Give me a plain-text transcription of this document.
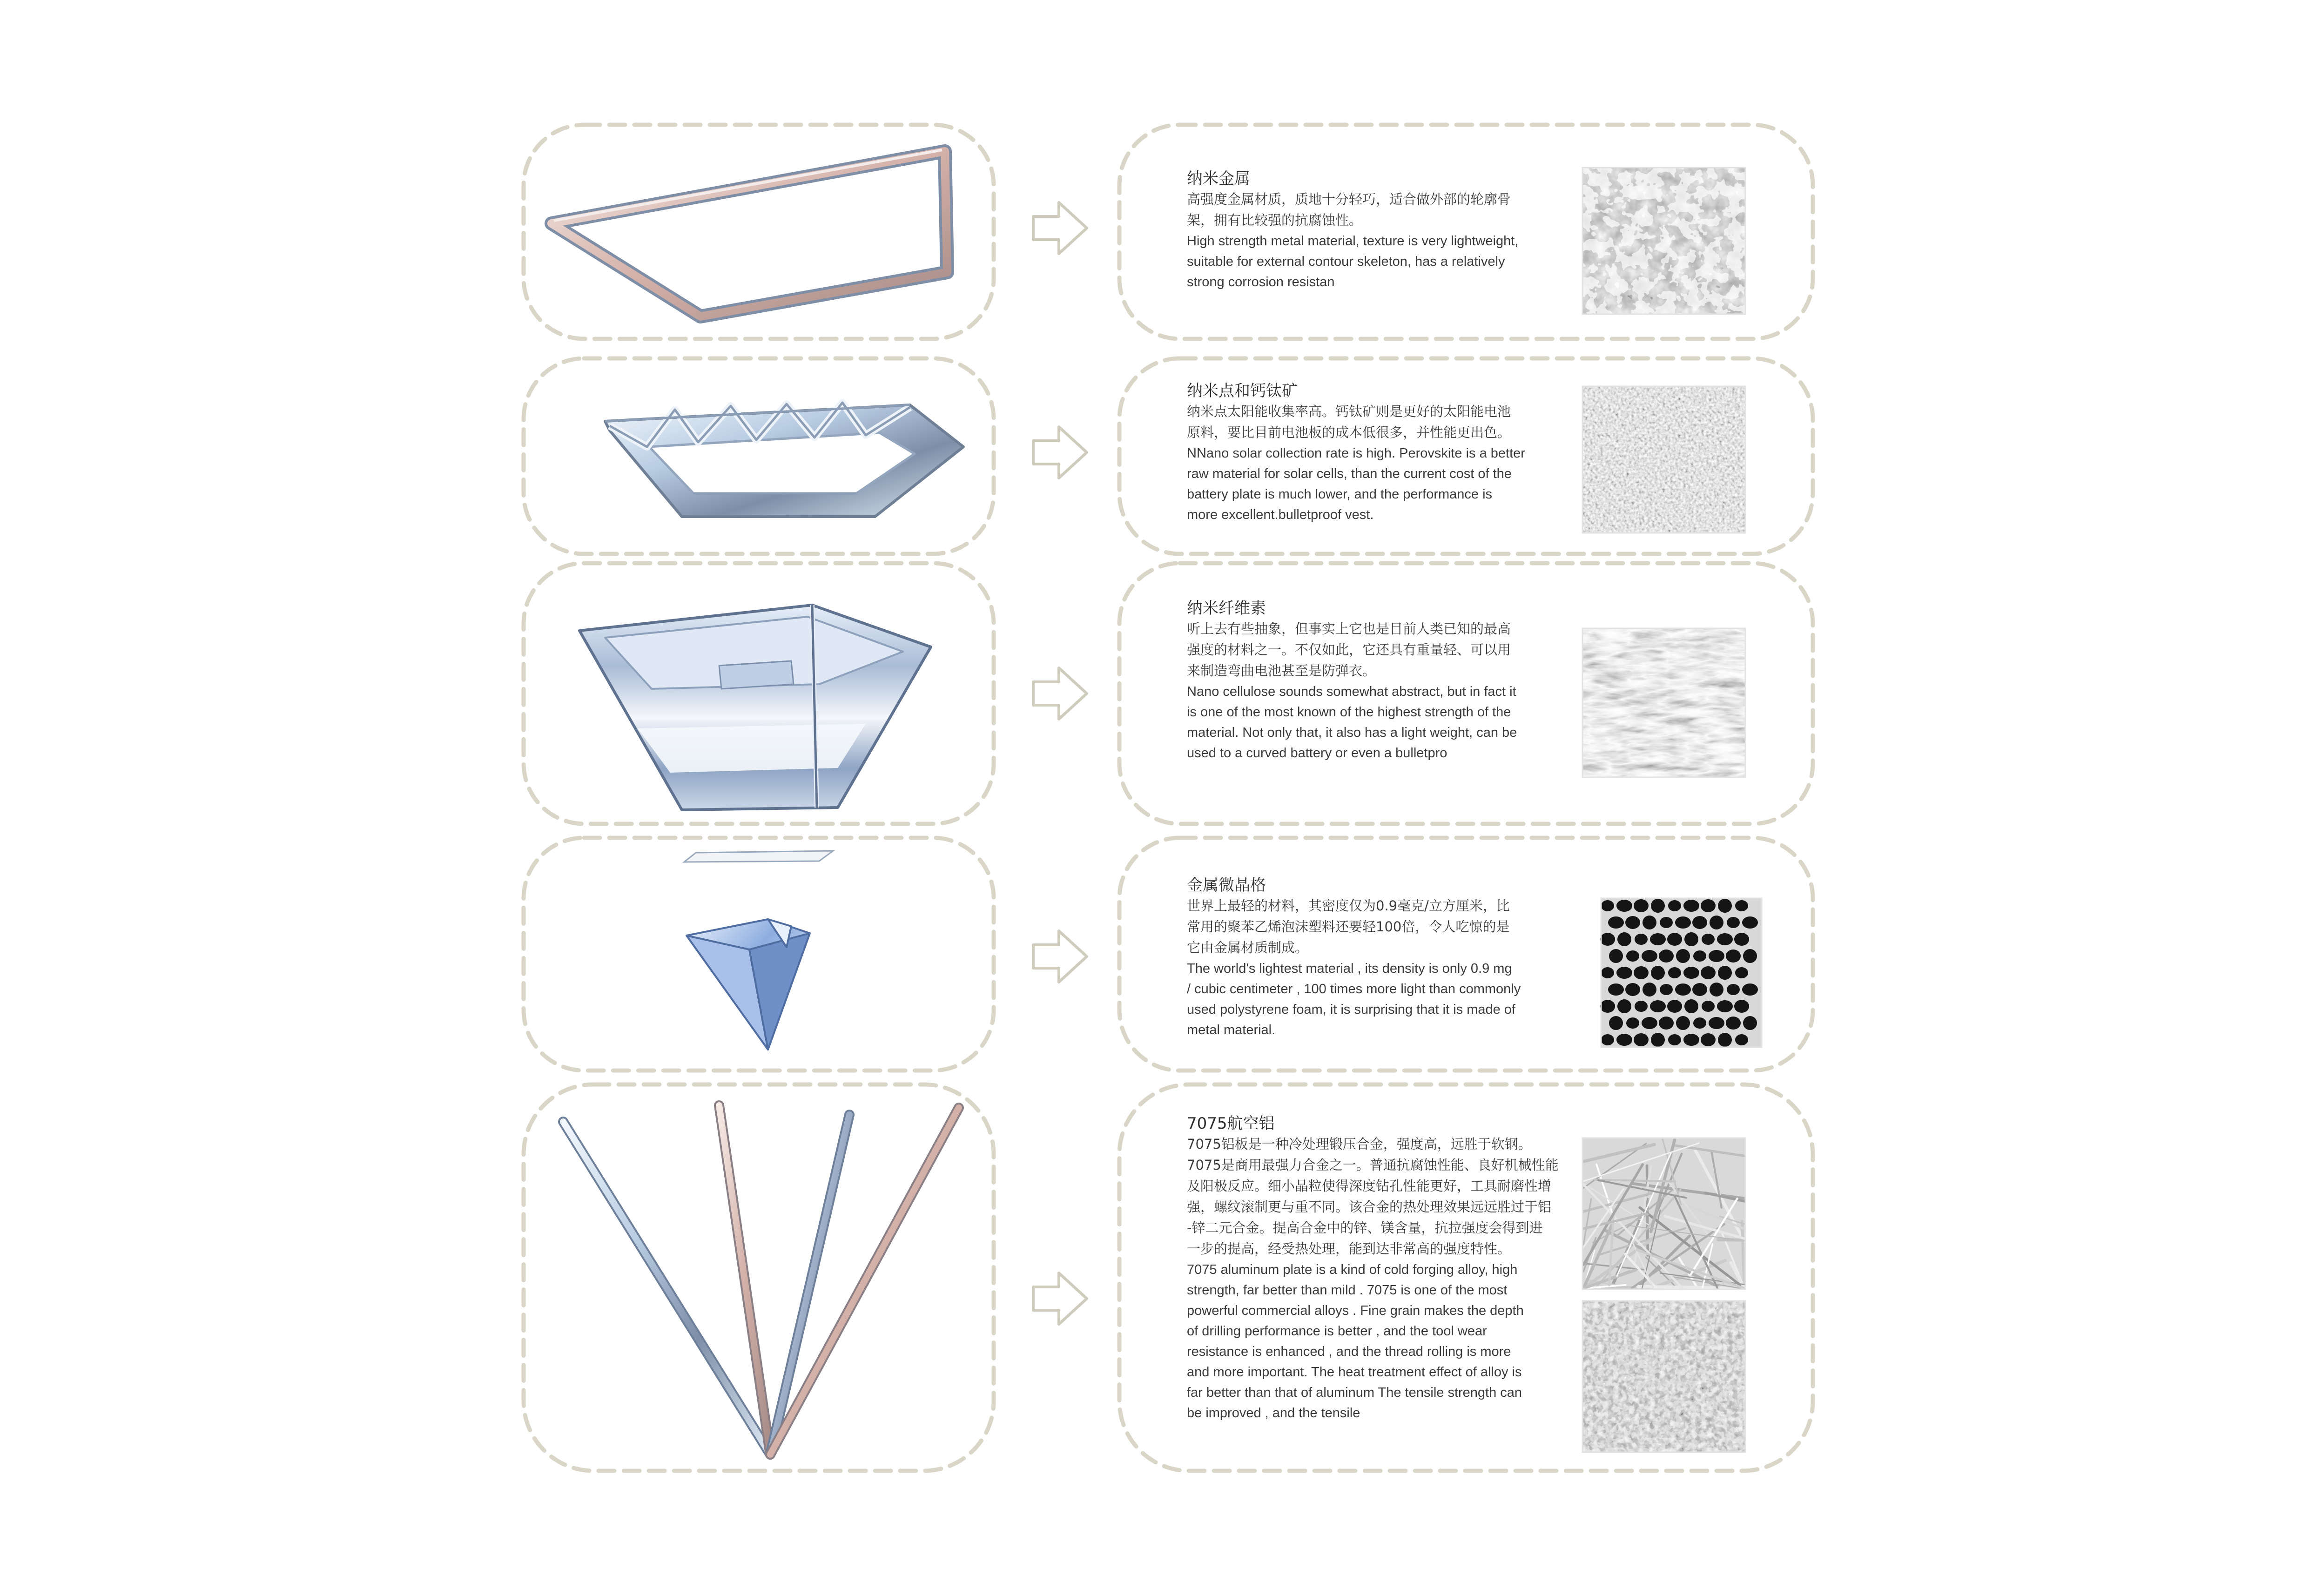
纳米金属
高强度金属材质，质地十分轻巧，适合做外部的轮廓骨
架，拥有比较强的抗腐蚀性。
High strength metal material, texture is very lightweight,
suitable for external contour skeleton, has a relatively
strong corrosion resistan
纳米点和钙钛矿
纳米点太阳能收集率高。钙钛矿则是更好的太阳能电池
原料，要比目前电池板的成本低很多，并性能更出色。
NNano solar collection rate is high. Perovskite is a better
raw material for solar cells, than the current cost of the
battery plate is much lower, and the performance is
more excellent.bulletproof vest.
纳米纤维素
听上去有些抽象，但事实上它也是目前人类已知的最高
强度的材料之一。不仅如此，它还具有重量轻、可以用
来制造弯曲电池甚至是防弹衣。
Nano cellulose sounds somewhat abstract, but in fact it
is one of the most known of the highest strength of the
material. Not only that, it also has a light weight, can be
used to a curved battery or even a bulletpro
金属微晶格
世界上最轻的材料，其密度仅为0.9毫克/立方厘米，比
常用的聚苯乙烯泡沫塑料还要轻100倍，令人吃惊的是
它由金属材质制成。
The world's lightest material , its density is only 0.9 mg
/ cubic centimeter , 100 times more light than commonly
used polystyrene foam, it is surprising that it is made of
metal material.
7075航空铝
7075铝板是一种冷处理锻压合金，强度高，远胜于软钢。
7075是商用最强力合金之一。普通抗腐蚀性能、良好机械性能
及阳极反应。细小晶粒使得深度钻孔性能更好，工具耐磨性增
强，螺纹滚制更与重不同。该合金的热处理效果远远胜过于铝
-锌二元合金。提高合金中的锌、镁含量，抗拉强度会得到进
一步的提高，经受热处理，能到达非常高的强度特性。
7075 aluminum plate is a kind of cold forging alloy, high
strength, far better than mild . 7075 is one of the most
powerful commercial alloys . Fine grain makes the depth
of drilling performance is better , and the tool wear
resistance is enhanced , and the thread rolling is more
and more important. The heat treatment effect of alloy is
far better than that of aluminum The tensile strength can
be improved , and the tensile
